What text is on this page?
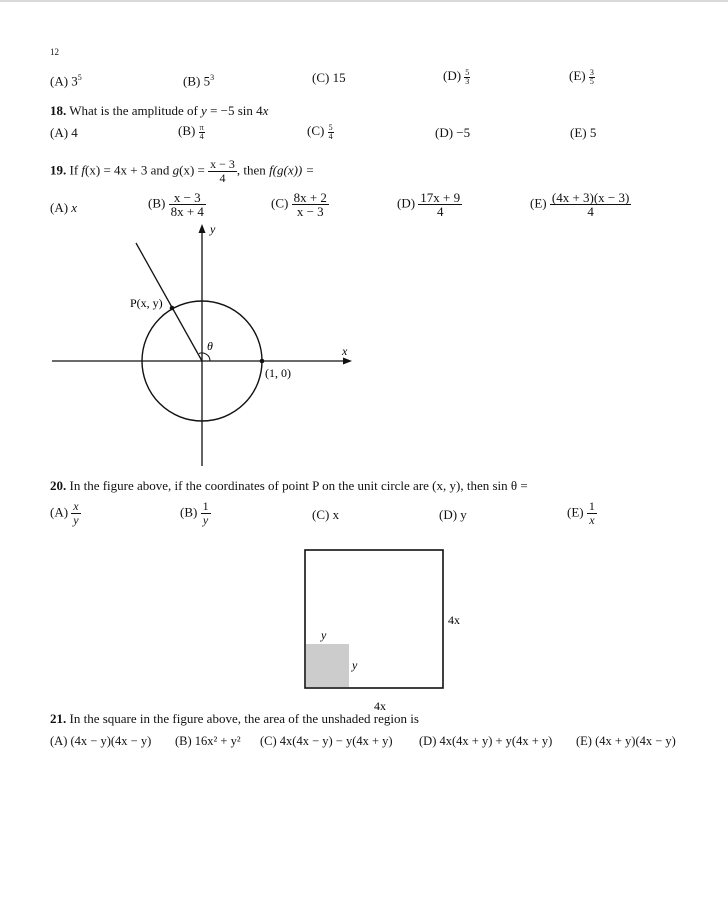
12
(A) $3^5$	(B) $5^3$	(C) 15	$(D) \frac{5}{3}$	$(E) \frac{3}{5}$
18. What is the amplitude of y = −5 sin 4x
(A) 4	$(B) \frac{\pi}{4}$	$(C) \frac{5}{4}$	(D) −5	(E) 5
19. If f(x) = 4x + 3 and $g(x) = \frac{x - 3}{4}$ , then f(g(x)) =
(A) x	$(B) \frac{x - 3}{8x + 4}$	$(C) \frac{8x + 2}{x - 3}$	$(D) \frac{17x + 9}{4}$	$(E) \frac{(4x + 3)(x - 3)}{4}$
y
x
P(x, y)
θ
(1, 0)
20. In the figure above, if the coordinates of point P on the unit circle are (x, y), then sin θ =
$(A) \frac{x}{y}$	$(B) \frac{1}{y}$	(C) x	(D) y	$(E) \frac{1}{x}$
4x
4x
y
y
21. In the square in the figure above, the area of the unshaded region is
(A) (4x − y)(4x − y) (B) 16x² + y² (C) 4x(4x − y) − y(4x + y) (D) 4x(4x + y) + y(4x + y) (E) (4x + y)(4x − y)
